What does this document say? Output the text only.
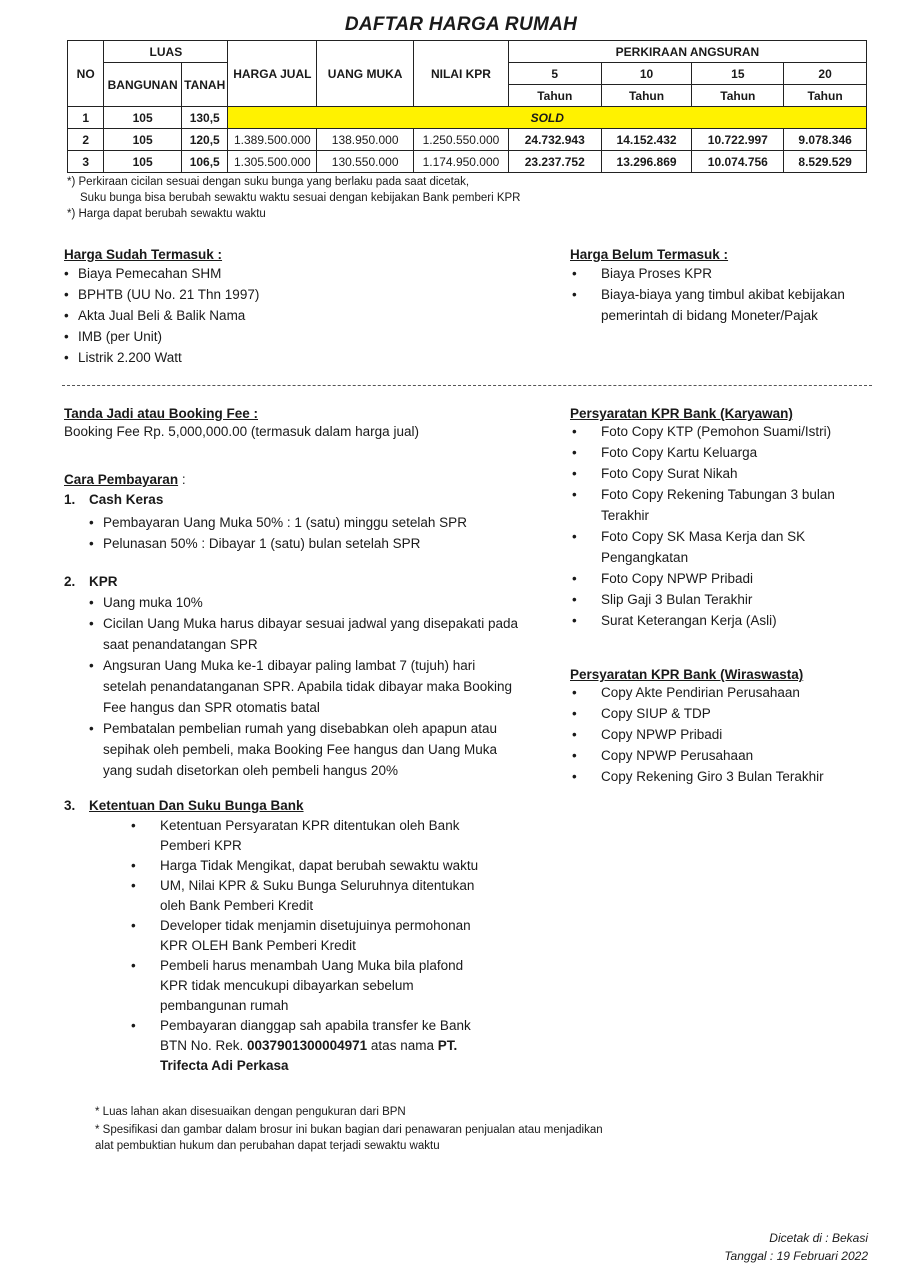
DAFTAR HARGA RUMAH
NO	LUAS		HARGA JUAL	UANG MUKA	NILAI KPR	PERKIRAAN ANGSURAN			
	BANGUNAN	TANAH				5	10	15	20
						Tahun	Tahun	Tahun	Tahun
1	105	130,5	SOLD						
2	105	120,5	1.389.500.000	138.950.000	1.250.550.000	24.732.943	14.152.432	10.722.997	9.078.346
3	105	106,5	1.305.500.000	130.550.000	1.174.950.000	23.237.752	13.296.869	10.074.756	8.529.529
*) Perkiraan cicilan sesuai dengan suku bunga yang berlaku pada saat dicetak,
Suku bunga bisa berubah sewaktu waktu sesuai dengan kebijakan Bank pemberi KPR
*) Harga dapat berubah sewaktu waktu
Harga Sudah Termasuk :
• Biaya Pemecahan SHM
• BPHTB (UU No. 21 Thn 1997)
• Akta Jual Beli & Balik Nama
• IMB (per Unit)
• Listrik 2.200 Watt
Harga Belum Termasuk :
• Biaya Proses KPR
• Biaya-biaya yang timbul akibat kebijakan pemerintah di bidang Moneter/Pajak
Tanda Jadi atau Booking Fee :
Booking Fee Rp. 5,000,000.00 (termasuk dalam harga jual)
Cara Pembayaran :
1. Cash Keras
• Pembayaran Uang Muka 50% : 1 (satu) minggu setelah SPR
• Pelunasan 50% : Dibayar 1 (satu) bulan setelah SPR
2. KPR
• Uang muka 10%
• Cicilan Uang Muka harus dibayar sesuai jadwal yang disepakati pada saat penandatangan SPR
• Angsuran Uang Muka ke-1 dibayar paling lambat 7 (tujuh) hari setelah penandatanganan SPR. Apabila tidak dibayar maka Booking Fee hangus dan SPR otomatis batal
• Pembatalan pembelian rumah yang disebabkan oleh apapun atau sepihak oleh pembeli, maka Booking Fee hangus dan Uang Muka yang sudah disetorkan oleh pembeli hangus 20%
3. Ketentuan Dan Suku Bunga Bank
• Ketentuan Persyaratan KPR ditentukan oleh Bank Pemberi KPR
• Harga Tidak Mengikat, dapat berubah sewaktu waktu
• UM, Nilai KPR & Suku Bunga Seluruhnya ditentukan oleh Bank Pemberi Kredit
• Developer tidak menjamin disetujuinya permohonan KPR OLEH Bank Pemberi Kredit
• Pembeli harus menambah Uang Muka bila plafond KPR tidak mencukupi dibayarkan sebelum pembangunan rumah
• Pembayaran dianggap sah apabila transfer ke Bank BTN No. Rek. 0037901300004971 atas nama PT. Trifecta Adi Perkasa
Persyaratan KPR Bank (Karyawan)
• Foto Copy KTP (Pemohon Suami/Istri)
• Foto Copy Kartu Keluarga
• Foto Copy Surat Nikah
• Foto Copy Rekening Tabungan 3 bulan Terakhir
• Foto Copy SK Masa Kerja dan SK Pengangkatan
• Foto Copy NPWP Pribadi
• Slip Gaji 3 Bulan Terakhir
• Surat Keterangan Kerja (Asli)
Persyaratan KPR Bank (Wiraswasta)
• Copy Akte Pendirian Perusahaan
• Copy SIUP & TDP
• Copy NPWP Pribadi
• Copy NPWP Perusahaan
• Copy Rekening Giro 3 Bulan Terakhir
* Luas lahan akan disesuaikan dengan pengukuran dari BPN
* Spesifikasi dan gambar dalam brosur ini bukan bagian dari penawaran penjualan atau menjadikan alat pembuktian hukum dan perubahan dapat terjadi sewaktu waktu
Dicetak di : Bekasi
Tanggal : 19 Februari 2022
